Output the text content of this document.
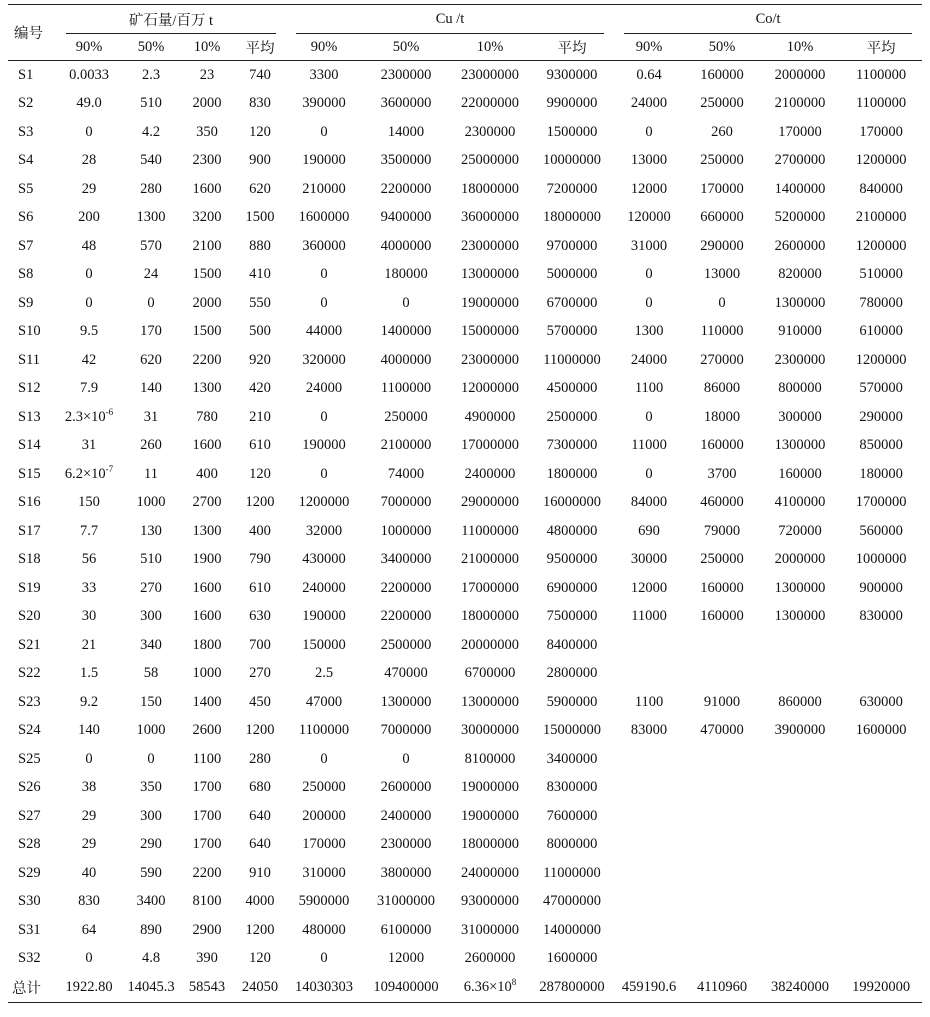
编号	矿石量/百万 t				Cu /t				Co/t			
	90%	50%	10%	平均	90%	50%	10%	平均	90%	50%	10%	平均
S1	0.0033	2.3	23	740	3300	2300000	23000000	9300000	0.64	160000	2000000	1100000
S2	49.0	510	2000	830	390000	3600000	22000000	9900000	24000	250000	2100000	1100000
S3	0	4.2	350	120	0	14000	2300000	1500000	0	260	170000	170000
S4	28	540	2300	900	190000	3500000	25000000	10000000	13000	250000	2700000	1200000
S5	29	280	1600	620	210000	2200000	18000000	7200000	12000	170000	1400000	840000
S6	200	1300	3200	1500	1600000	9400000	36000000	18000000	120000	660000	5200000	2100000
S7	48	570	2100	880	360000	4000000	23000000	9700000	31000	290000	2600000	1200000
S8	0	24	1500	410	0	180000	13000000	5000000	0	13000	820000	510000
S9	0	0	2000	550	0	0	19000000	6700000	0	0	1300000	780000
S10	9.5	170	1500	500	44000	1400000	15000000	5700000	1300	110000	910000	610000
S11	42	620	2200	920	320000	4000000	23000000	11000000	24000	270000	2300000	1200000
S12	7.9	140	1300	420	24000	1100000	12000000	4500000	1100	86000	800000	570000
S13	$2.3\times 10^{-6}$	31	780	210	0	250000	4900000	2500000	0	18000	300000	290000
S14	31	260	1600	610	190000	2100000	17000000	7300000	11000	160000	1300000	850000
S15	$6.2\times 10^{-7}$	11	400	120	0	74000	2400000	1800000	0	3700	160000	180000
S16	150	1000	2700	1200	1200000	7000000	29000000	16000000	84000	460000	4100000	1700000
S17	7.7	130	1300	400	32000	1000000	11000000	4800000	690	79000	720000	560000
S18	56	510	1900	790	430000	3400000	21000000	9500000	30000	250000	2000000	1000000
S19	33	270	1600	610	240000	2200000	17000000	6900000	12000	160000	1300000	900000
S20	30	300	1600	630	190000	2200000	18000000	7500000	11000	160000	1300000	830000
S21	21	340	1800	700	150000	2500000	20000000	8400000				
S22	1.5	58	1000	270	2.5	470000	6700000	2800000				
S23	9.2	150	1400	450	47000	1300000	13000000	5900000	1100	91000	860000	630000
S24	140	1000	2600	1200	1100000	7000000	30000000	15000000	83000	470000	3900000	1600000
S25	0	0	1100	280	0	0	8100000	3400000				
S26	38	350	1700	680	250000	2600000	19000000	8300000				
S27	29	300	1700	640	200000	2400000	19000000	7600000				
S28	29	290	1700	640	170000	2300000	18000000	8000000				
S29	40	590	2200	910	310000	3800000	24000000	11000000				
S30	830	3400	8100	4000	5900000	31000000	93000000	47000000				
S31	64	890	2900	1200	480000	6100000	31000000	14000000				
S32	0	4.8	390	120	0	12000	2600000	1600000				
总计	1922.80	14045.3	58543	24050	14030303	109400000	$6.36\times 10^8$	287800000	459190.6	4110960	38240000	19920000
